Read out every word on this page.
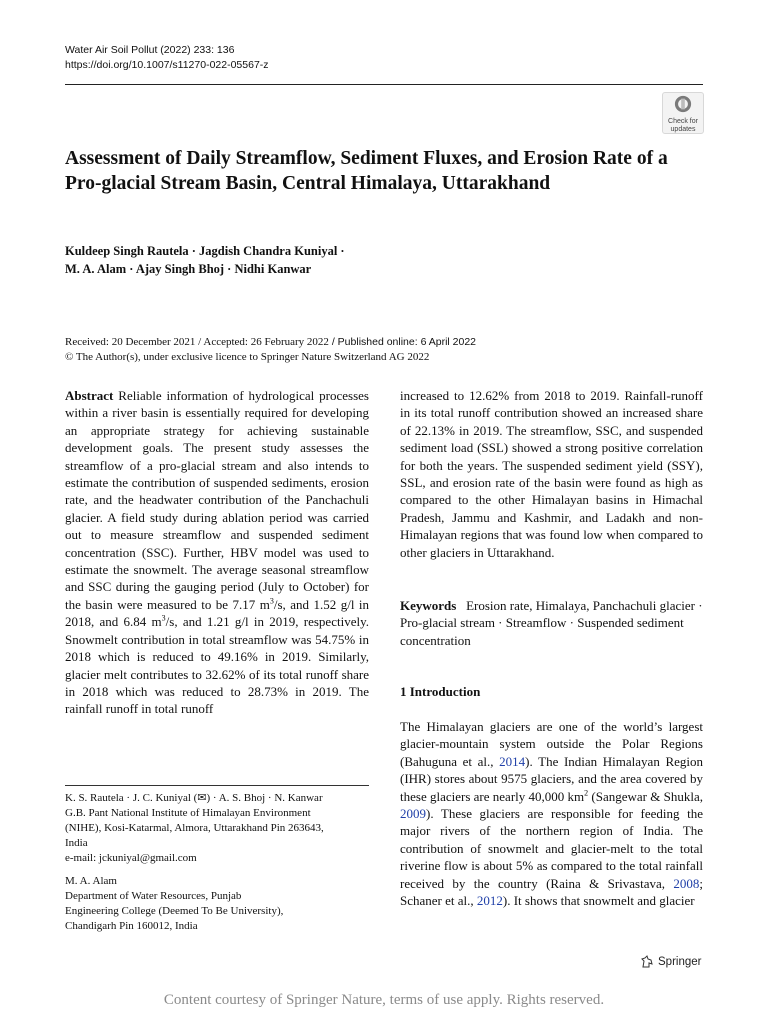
Water Air Soil Pollut (2022) 233: 136
https://doi.org/10.1007/s11270-022-05567-z
Check for
updates
Assessment of Daily Streamflow, Sediment Fluxes, and Erosion Rate of a Pro-glacial Stream Basin, Central Himalaya, Uttarakhand
Kuldeep Singh Rautela · Jagdish Chandra Kuniyal ·
M. A. Alam · Ajay Singh Bhoj · Nidhi Kanwar
Received: 20 December 2021 / Accepted: 26 February 2022 / Published online: 6 April 2022
© The Author(s), under exclusive licence to Springer Nature Switzerland AG 2022
Abstract Reliable information of hydrological processes within a river basin is essentially required for developing an appropriate strategy for achieving sustainable development goals. The present study assesses the streamflow of a pro-glacial stream and also intends to estimate the contribution of suspended sediments, erosion rate, and the headwater contribution of the Panchachuli glacier. A field study during ablation period was carried out to measure streamflow and suspended sediment concentration (SSC). Further, HBV model was used to estimate the snowmelt. The average seasonal streamflow and SSC during the gauging period (July to October) for the basin were measured to be 7.17 $m^3/s$, and 1.52 g/l in 2018, and 6.84 $m^3/s$, and 1.21 g/l in 2019, respectively. Snowmelt contribution in total streamflow was 54.75% in 2018 which is reduced to 49.16% in 2019. Similarly, glacier melt contributes to 32.62% of its total runoff share in 2018 which was reduced to 28.73% in 2019. The rainfall runoff in total runoff
increased to 12.62% from 2018 to 2019. Rainfall-runoff in its total runoff contribution showed an increased share of 22.13% in 2019. The streamflow, SSC, and suspended sediment load (SSL) showed a strong positive correlation for both the years. The suspended sediment yield (SSY), SSL, and erosion rate of the basin were found as high as compared to the other Himalayan basins in Himachal Pradesh, Jammu and Kashmir, and Ladakh and non-Himalayan regions that was found low when compared to other glaciers in Uttarakhand.
Keywords Erosion rate, Himalaya, Panchachuli glacier · Pro-glacial stream · Streamflow · Suspended sediment concentration
1 Introduction
The Himalayan glaciers are one of the world’s largest glacier-mountain system outside the Polar Regions (Bahuguna et al., 2014). The Indian Himalayan Region (IHR) stores about 9575 glaciers, and the area covered by these glaciers are nearly 40,000 $km^2$ (Sangewar & Shukla, 2009). These glaciers are responsible for feeding the major rivers of the northern region of India. The contribution of snowmelt and glacier-melt to the total riverine flow is about 5% as compared to the total rainfall received by the country (Raina & Srivastava, 2008; Schaner et al., 2012). It shows that snowmelt and glacier

K. S. Rautela · J. C. Kuniyal (✉) · A. S. Bhoj · N. Kanwar

G.B. Pant National Institute of Himalayan Environment

(NIHE), Kosi-Katarmal, Almora, Uttarakhand Pin 263643,

India

e-mail: jckuniyal@gmail.com

M. A. Alam

Department of Water Resources, Punjab

Engineering College (Deemed To Be University),

Chandigarh Pin 160012, India

Springer
Content courtesy of Springer Nature, terms of use apply. Rights reserved.
